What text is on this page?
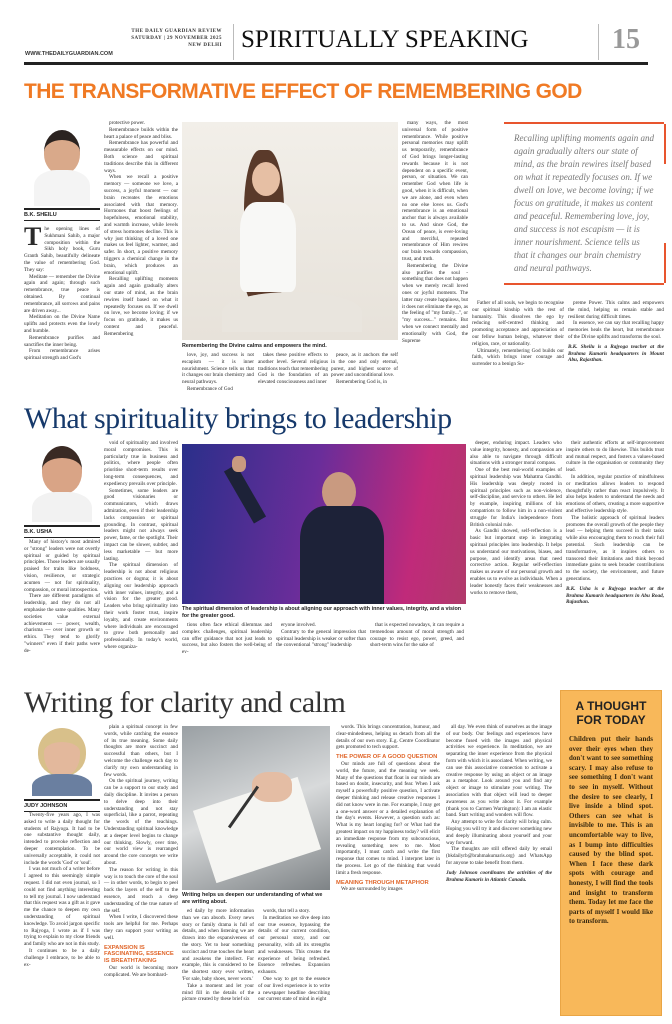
THE DAILY GUARDIAN REVIEW
SATURDAY | 29 NOVEMBER 2025
NEW DELHI
WWW.THEDAILYGUARDIAN.COM
SPIRITUALLY SPEAKING	15
THE TRANSFORMATIVE EFFECT OF REMEMBERING GOD
B.K. SHEILU
T he opening lines of Sukhmani Sahib, a major composition within the Sikh holy book, Guru Granth Sahib, beautifully delineate the value of remembering God. They say:

Meditate — remember the Divine again and again; through such remembrance, true peace is obtained. By continual remembrance, all sorrows and pains are driven away...

Meditation on the Divine Name uplifts and protects even the lowly and humble.

Remembrance purifies and sanctifies the inner being.

From remembrance arises spiritual strength and God's

protective power.

Remembrance builds within the heart a palace of peace and bliss.

Remembrance has powerful and measurable effects on our mind. Both science and spiritual traditions describe this in different ways.

When we recall a positive memory — someone we love, a success, a joyful moment — our brain recreates the emotions associated with that memory. Hormones that boost feelings of hopefulness, emotional stability, and warmth increase, while levels of stress hormones decline. This is why just thinking of a loved one makes us feel lighter, warmer, and safer. In short, a positive memory triggers a chemical change in the brain, which produces an emotional uplift.

Recalling uplifting moments again and again gradually alters our state of mind, as the brain rewires itself based on what it repeatedly focuses on. If we dwell on love, we become loving; if we focus on gratitude, it makes us content and peaceful. Remembering

Remembering the Divine calms and empowers the mind.

love, joy, and success is not escapism — it is inner nourishment. Science tells us that it changes our brain chemistry and neural pathways.

Remembrance of God

takes these positive effects to another level. Several religious traditions teach that remembering God is the foundation of an elevated consciousness and inner

peace, as it anchors the self in the one and only eternal, purest, and highest source of power and unconditional love.

Remembering God is, in

many ways, the most universal form of positive remembrance. While positive personal memories may uplift us temporarily, remembrance of God brings longer-lasting rewards because it is not dependent on a specific event, person, or situation. We can remember God when life is good, when it is difficult, when we are alone, and even when no one else loves us. God's remembrance is an emotional anchor that is always available to us. And since God, the Ocean of peace, is ever-loving and merciful, repeated remembrance of Him rewires our brain towards compassion, trust, and truth.

Remembering the Divine also purifies the soul - something that does not happen when we merely recall loved ones or joyful moments. The latter may create happiness, but it does not eliminate the ego, as the feeling of "my family...", or "my success..." remains. But when we connect mentally and emotionally with God, the Supreme

Recalling uplifting moments again and again gradually alters our state of mind, as the brain rewires itself based on what it repeatedly focuses on. If we dwell on love, we become loving; if we focus on gratitude, it makes us content and peaceful. Remembering love, joy, and success is not escapism — it is inner nourishment. Science tells us that it changes our brain chemistry and neural pathways.

Father of all souls, we begin to recognise our spiritual kinship with the rest of humanity. This dissolves the ego by reducing self-centred thinking and promoting acceptance and appreciation of our fellow human beings, whatever their religion, race, or nationality.

Ultimately, remembering God builds our faith, which brings inner courage and surrender to a benign Su-

preme Power. This calms and empowers the mind, helping us remain stable and resilient during difficult times.

In essence, we can say that recalling happy memories heals the heart, but remembrance of the Divine uplifts and transforms the soul.

B.K. Sheilu is a Rajyoga teacher at the Brahma Kumaris headquarters in Mount Abu, Rajasthan.

What spirituality brings to leadership
B.K. USHA

Many of history's most admired or "strong" leaders were not overtly spiritual or guided by spiritual principles. Those leaders are usually praised for traits like boldness, vision, resilience, or strategic acumen — not for spirituality, compassion, or moral introspection.

There are different paradigms of leadership, and they do not all emphasise the same qualities. Many societies value external achievements — power, wealth, charisma — over inner growth or ethics. They tend to glorify "winners" even if their paths were de-

void of spirituality and involved moral compromises. This is particularly true in business and politics, where people often prioritise short-term results over long-term consequences, and expediency prevails over principle.

Sometimes, some leaders are good visionaries or communicators, which draws admiration, even if their leadership lacks compassion or spiritual grounding. In contrast, spiritual leaders might not always seek power, fame, or the spotlight. Their impact can be slower, subtler, and less marketable — but more lasting.

The spiritual dimension of leadership is not about religious practices or dogma; it is about aligning our leadership approach with inner values, integrity, and a vision for the greater good. Leaders who bring spirituality into their work foster trust, inspire loyalty, and create environments where individuals are encouraged to grow both personally and professionally. In today's world, where organiza-

The spiritual dimension of leadership is about aligning our approach with inner values, integrity, and a vision for the greater good.

tions often face ethical dilemmas and complex challenges, spiritual leadership can offer guidance that not just leads to success, but also fosters the well-being of ev-

eryone involved.

Contrary to the general impression that spiritual leadership is weaker or softer than the conventional "strong" leadership

that is expected nowadays, it can require a tremendous amount of moral strength and courage to resist ego, power, greed, and short-term wins for the sake of

deeper, enduring impact. Leaders who value integrity, honesty, and compassion are also able to navigate through difficult situations with a stronger moral compass.

One of the best real-world examples of spiritual leadership was Mahatma Gandhi. His leadership was deeply rooted in spiritual principles such as non-violence, self-discipline, and service to others. He led by example, inspiring millions of his compatriots to follow him in a non-violent struggle for India's independence from British colonial rule.

As Gandhi showed, self-reflection is a basic but important step in integrating spiritual principles into leadership. It helps us understand our motivations, biases, and purpose, and identify areas that need corrective action. Regular self-reflection makes us aware of our personal growth and enables us to evolve as individuals. When a leader honestly faces their weaknesses and works to remove them,

their authentic efforts at self-improvement inspire others to do likewise. This builds trust and mutual respect, and fosters a values-based culture in the organisation or community they lead.

In addition, regular practice of mindfulness or meditation allows leaders to respond thoughtfully rather than react impulsively. It also helps leaders to understand the needs and emotions of others, creating a more supportive and effective leadership style.

The holistic approach of spiritual leaders promotes the overall growth of the people they lead — helping them succeed in their tasks while also encouraging them to reach their full potential. Such leadership can be transformative, as it inspires others to transcend their limitations and think beyond immediate gains to seek broader contributions to the society, the environment, and future generations.

B.K. Usha is a Rajyoga teacher at the Brahma Kumaris headquarters in Abu Road, Rajasthan.

Writing for clarity and calm
JUDY JOHNSON

Twenty-five years ago, I was asked to write a daily thought for students of Rajyoga. It had to be one substantive thought daily, intended to provoke reflection and deeper contemplation. To be universally acceptable, it could not include the words 'God' or 'soul'.

I was not much of a writer before I agreed to this seemingly simple request. I did not even journal, so I could not find anything interesting to tell my journal. I now understand that this request was a gift as it gave me the chance to deepen my own understanding of spiritual knowledge. To avoid jargon specific to Rajyoga, I wrote as if I was trying to explain to my close friends and family who are not in this study.

It continues to be a daily challenge I embrace, to be able to ex-

plain a spiritual concept in few words, while catching the essence of its true meaning. Some daily thoughts are more succinct and successful than others, but I welcome the challenge each day to clarify my own understanding in few words.

On the spiritual journey, writing can be a support to our study and daily discipline. It invites a person to delve deep into their understanding and not stay superficial, like a parrot, repeating the words of the teachings. Understanding spiritual knowledge at a deeper level begins to change our thinking. Slowly, over time, our world view is rearranged around the core concepts we write about.

The reason for writing in this way is to touch the core of the soul — in other words, to begin to peel back the layers of the self to the essence, and reach a deep understanding of the true nature of the self.

When I write, I discovered these tools are helpful for me. Perhaps they can support your writing as well.

EXPANSION IS FASCINATING, ESSENCE IS BREATHTAKING

Our world is becoming more complicated. We are bombard-

Writing helps us deepen our understanding of what we are writing about.

ed daily by more information than we can absorb. Every news story or family drama is full of details, and when listening we are drawn into the expansiveness of the story. Yet to hear something succinct and true touches the heart and awakens the intellect. For example, this is considered to be the shortest story ever written, 'For sale, baby shoes, never worn.'

Take a moment and let your mind fill in the details of the picture created by these brief six

words, that tell a story.

In meditation we dive deep into our true essence, bypassing the details of our current condition, our personal story, and our personality, with all its strengths and weaknesses. This creates the experience of being refreshed. Essence refreshes. Expansion exhausts.

One way to get to the essence of our lived experience is to write a newspaper headline describing our current state of mind in eight

words. This brings concentration, humour, and clear-mindedness, helping us detach from all the details of our own story. E.g. Centre Coordinator gets promoted to tech support.

THE POWER OF A GOOD QUESTION

Our minds are full of questions about the world, the future, and the meaning we seek. Many of the questions that float in our minds are based on doubt, insecurity, and fear. When I ask myself a powerfully positive question, I activate deeper thinking and release creative responses I did not know were in me. For example, I may get a one-word answer or a detailed explanation of the day's events. However, a question such as: What is my heart longing for? or What had the greatest impact on my happiness today? will elicit an immediate response from my subconscious, revealing something new to me. Most importantly, I must catch and write the first response that comes to mind. I interpret later in the process. Let go of the thinking that would limit a fresh response.

MEANING THROUGH METAPHOR

We are surrounded by images

all day. We even think of ourselves as the image of our body. Our feelings and experiences have become fused with the images and physical activities we experience. In meditation, we are separating the inner experience from the physical form with which it is associated. When writing, we can use this associative connection to activate a creative response by using an object or an image as a metaphor. Look around you and find any object or image to stimulate your writing. The association with that object will lead to deeper awareness as you write about it. For example (thank you to Carmen Warrington): I am an elastic band. Start writing and wonders will flow.

Any attempt to write for clarity will bring calm. Hoping you will try it and discover something new and deeply illuminating about yourself and your way forward.

The thoughts are still offered daily by email (bkdailyrb@brahmakumaris.org) and WhatsApp for anyone to take benefit from them.

Judy Johnson coordinates the activities of the Brahma Kumaris in Atlantic Canada.

A THOUGHT FOR TODAY
Children put their hands over their eyes when they don't want to see something scary. I may also refuse to see something I don't want to see in myself. Without the desire to see clearly, I live inside a blind spot. Others can see what is invisible to me. This is an uncomfortable way to live, as I bump into difficulties caused by the blind spot. When I face these dark spots with courage and honesty, I will find the tools and insight to transform them. Today let me face the parts of myself I would like to transform.
